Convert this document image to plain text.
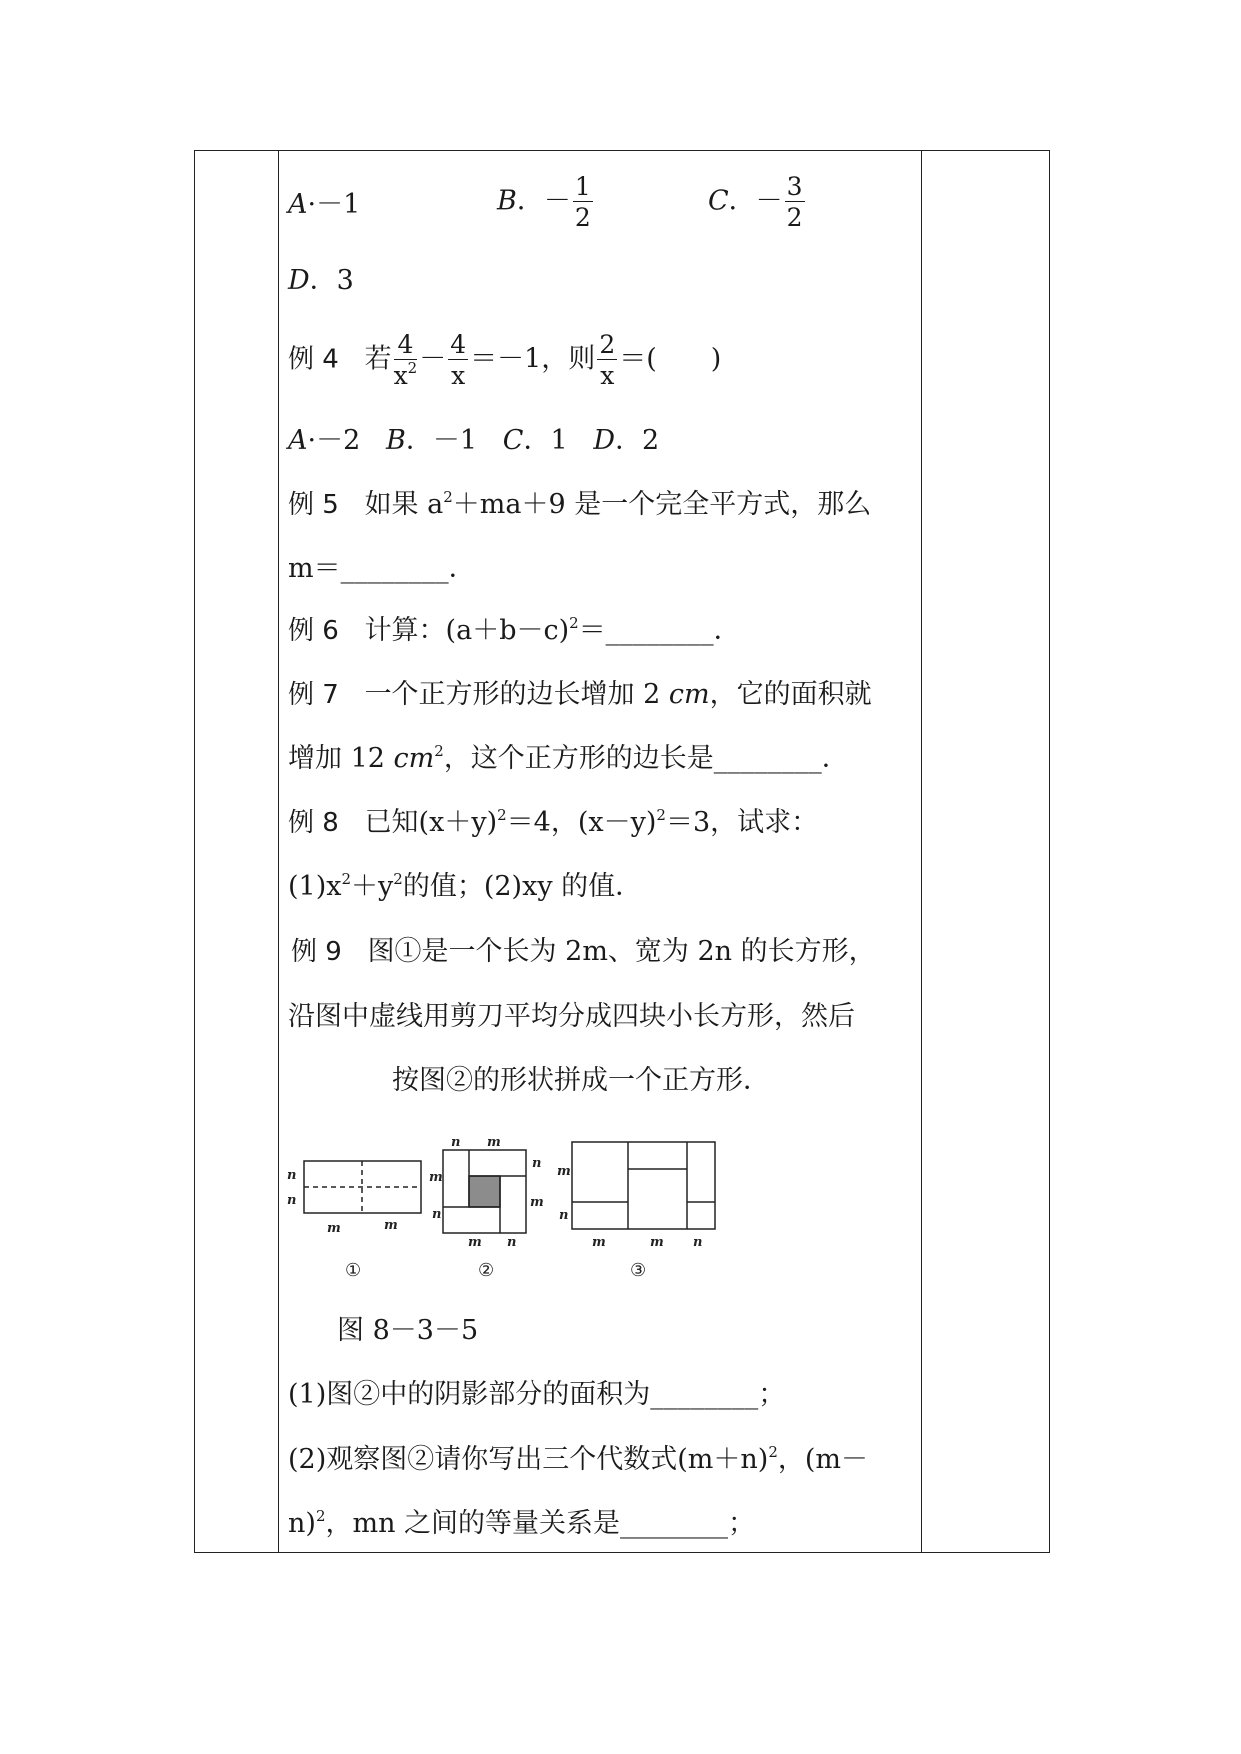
A·－1	B．－ $\frac{1}{2}$	C．－ $\frac{3}{2}$
D．3
例 4 若 $\frac{4}{x^2} - \frac{4}{x} =-1$，则 $\frac{2}{x}$ ＝(　　)
A·－2 B．－1 C．1 D．2
例 5 如果 $a^2+ma+9$ 是一个完全平方式，那么
m＝________．
例 6 计算：$(a+b-c)^2=\_\_\_\_\_\_\_\_$．
例 7 一个正方形的边长增加 2 cm，它的面积就
增加 12 $cm^2$，这个正方形的边长是________．
例 8 已知$(x+y)^2=4$，$(x-y)^2=3$，试求：
$(1)x^2+y^2$的值；(2)xy 的值．
例 9 图①是一个长为 2m、宽为 2n 的长方形，
沿图中虚线用剪刀平均分成四块小长方形，然后
按图②的形状拼成一个正方形．
n
n
m	m
①
n m
m
n
n
m
m n
②
m
n
m	m n
③
图 8－3－5
(1)图②中的阴影部分的面积为________；
(2)观察图②请你写出三个代数式$(m+n)^2$，(m－
n)$^2$，mn 之间的等量关系是________；
